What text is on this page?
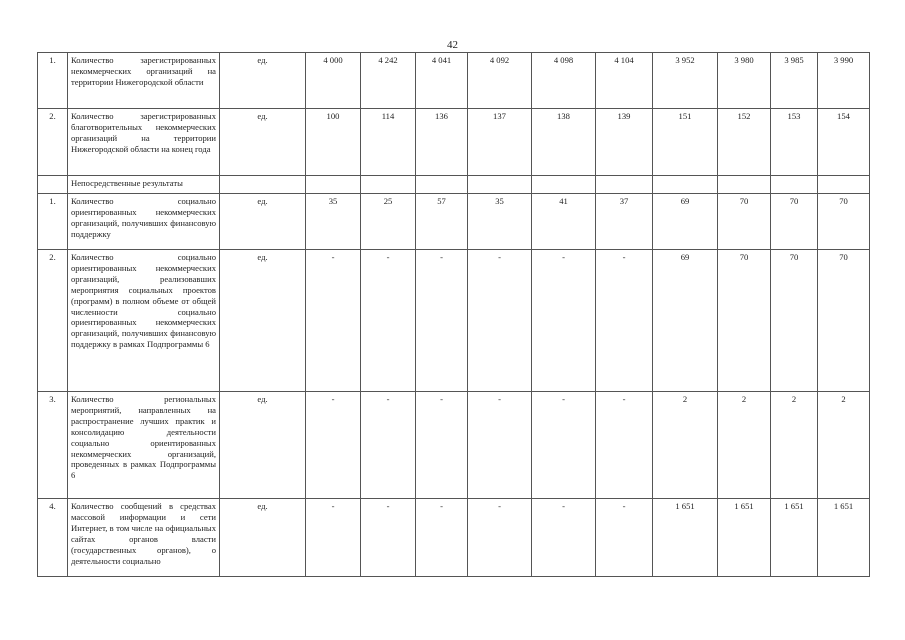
42
1.	Количество зарегистрированных некоммерческих организаций на территории Нижегородской области	ед.	4 000	4 242	4 041	4 092	4 098	4 104	3 952	3 980	3 985	3 990
2.	Количество зарегистрированных благотворительных некоммерческих организаций на территории Нижегородской области на конец года	ед.	100	114	136	137	138	139	151	152	153	154
	Непосредственные результаты											
1.	Количество социально ориентированных некоммерческих организаций, получивших финансовую поддержку	ед.	35	25	57	35	41	37	69	70	70	70
2.	Количество социально ориентированных некоммерческих организаций, реализовавших мероприятия социальных проектов (программ) в полном объеме от общей численности социально ориентированных некоммерческих организаций, получивших финансовую поддержку в рамках Подпрограммы 6	ед.	-	-	-	-	-	-	69	70	70	70
3.	Количество региональных мероприятий, направленных на распространение лучших практик и консолидацию деятельности социально ориентированных некоммерческих организаций, проведенных в рамках Подпрограммы 6	ед.	-	-	-	-	-	-	2	2	2	2
4.	Количество сообщений в средствах массовой информации и сети Интернет, в том числе на официальных сайтах органов власти (государственных органов), о деятельности социально	ед.	-	-	-	-	-	-	1 651	1 651	1 651	1 651
